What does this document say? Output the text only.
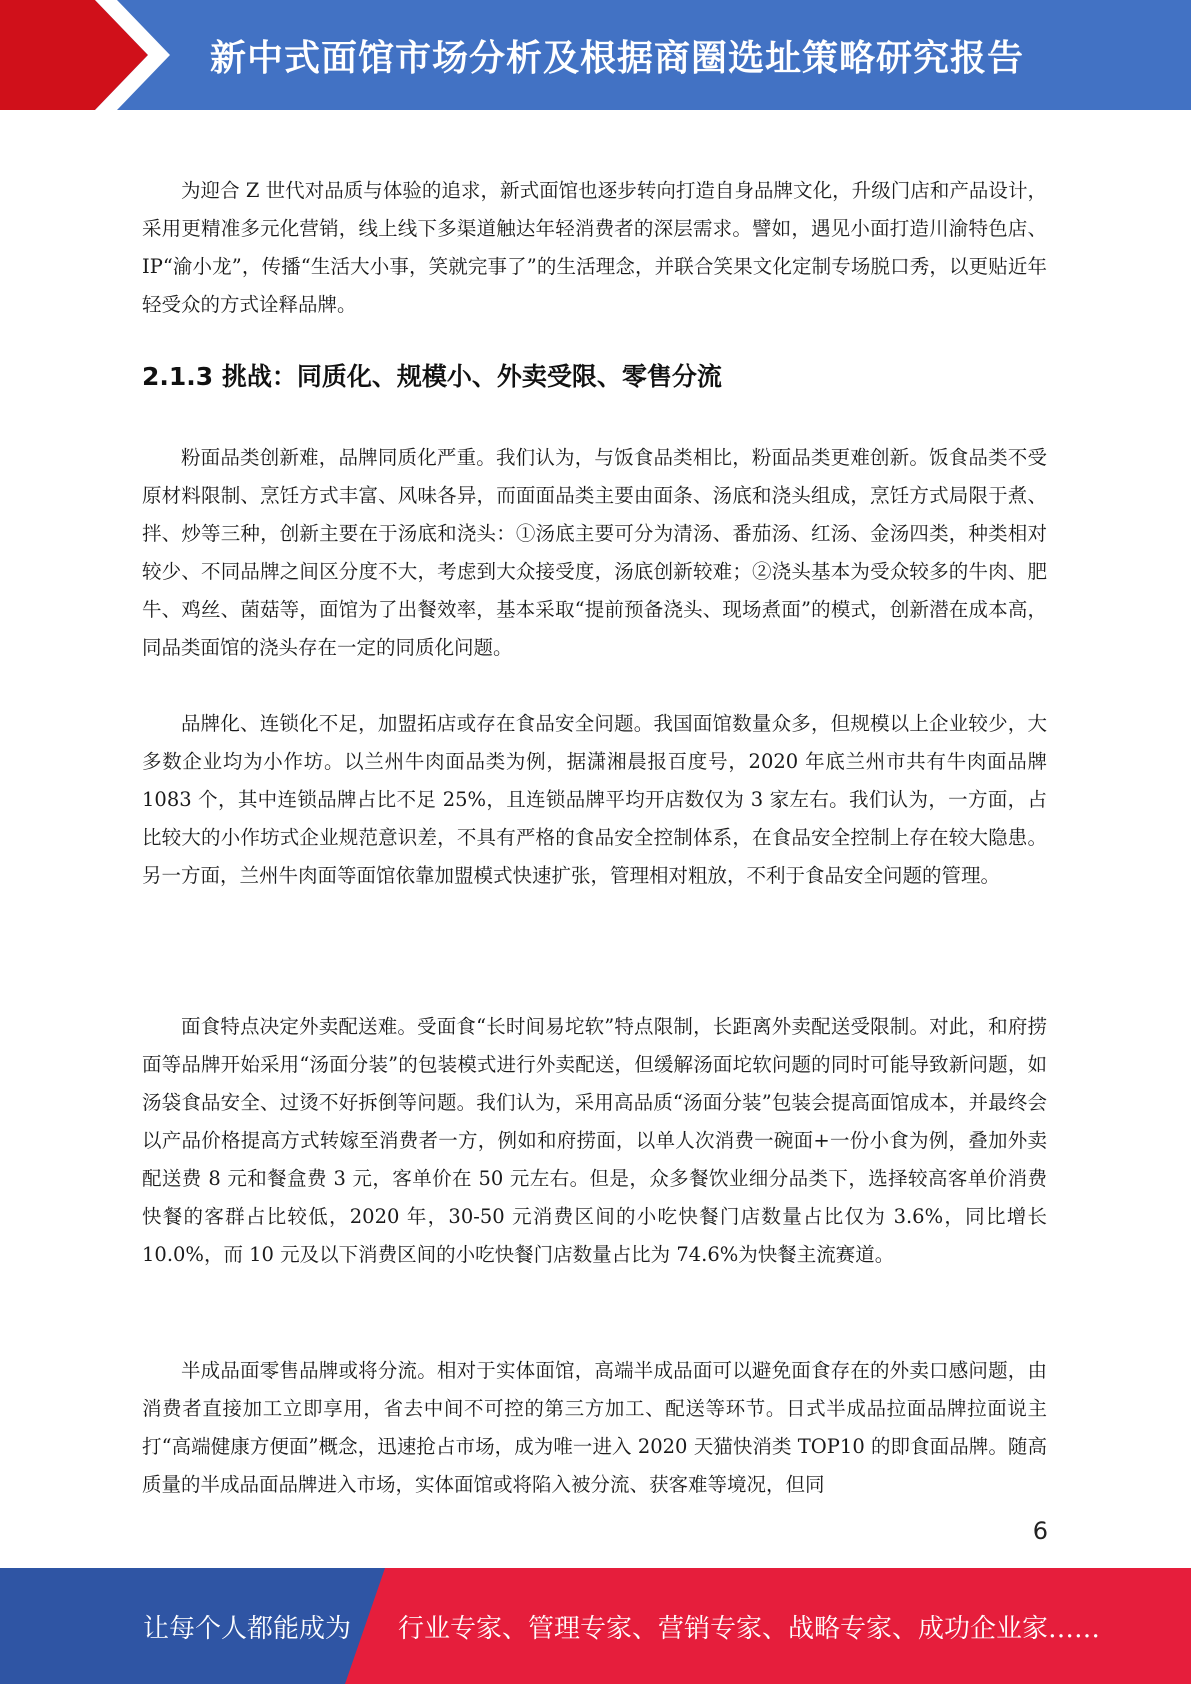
新中式面馆市场分析及根据商圈选址策略研究报告

为迎合 Z 世代对品质与体验的追求，新式面馆也逐步转向打造自身品牌文化，升级门店和产品设计，采用更精准多元化营销，线上线下多渠道触达年轻消费者的深层需求。譬如，遇见小面打造川渝特色店、IP“渝小龙”，传播“生活大小事，笑就完事了”的生活理念，并联合笑果文化定制专场脱口秀，以更贴近年轻受众的方式诠释品牌。

2.1.3 挑战：同质化、规模小、外卖受限、零售分流

粉面品类创新难，品牌同质化严重。我们认为，与饭食品类相比，粉面品类更难创新。饭食品类不受原材料限制、烹饪方式丰富、风味各异，而面面品类主要由面条、汤底和浇头组成，烹饪方式局限于煮、拌、炒等三种，创新主要在于汤底和浇头：①汤底主要可分为清汤、番茄汤、红汤、金汤四类，种类相对较少、不同品牌之间区分度不大，考虑到大众接受度，汤底创新较难；②浇头基本为受众较多的牛肉、肥牛、鸡丝、菌菇等，面馆为了出餐效率，基本采取“提前预备浇头、现场煮面”的模式，创新潜在成本高，同品类面馆的浇头存在一定的同质化问题。

品牌化、连锁化不足，加盟拓店或存在食品安全问题。我国面馆数量众多，但规模以上企业较少，大多数企业均为小作坊。以兰州牛肉面品类为例，据潇湘晨报百度号，2020 年底兰州市共有牛肉面品牌 1083 个，其中连锁品牌占比不足 25%，且连锁品牌平均开店数仅为 3 家左右。我们认为，一方面，占比较大的小作坊式企业规范意识差，不具有严格的食品安全控制体系，在食品安全控制上存在较大隐患。另一方面，兰州牛肉面等面馆依靠加盟模式快速扩张，管理相对粗放，不利于食品安全问题的管理。

面食特点决定外卖配送难。受面食“长时间易坨软”特点限制，长距离外卖配送受限制。对此，和府捞面等品牌开始采用“汤面分装”的包装模式进行外卖配送，但缓解汤面坨软问题的同时可能导致新问题，如汤袋食品安全、过烫不好拆倒等问题。我们认为，采用高品质“汤面分装”包装会提高面馆成本，并最终会以产品价格提高方式转嫁至消费者一方，例如和府捞面，以单人次消费一碗面+一份小食为例，叠加外卖配送费 8 元和餐盒费 3 元，客单价在 50 元左右。但是，众多餐饮业细分品类下，选择较高客单价消费快餐的客群占比较低，2020 年，30-50 元消费区间的小吃快餐门店数量占比仅为 3.6%，同比增长 10.0%，而 10 元及以下消费区间的小吃快餐门店数量占比为 74.6%为快餐主流赛道。

半成品面零售品牌或将分流。相对于实体面馆，高端半成品面可以避免面食存在的外卖口感问题，由消费者直接加工立即享用，省去中间不可控的第三方加工、配送等环节。日式半成品拉面品牌拉面说主打“高端健康方便面”概念，迅速抢占市场，成为唯一进入 2020 天猫快消类 TOP10 的即食面品牌。随高质量的半成品面品牌进入市场，实体面馆或将陷入被分流、获客难等境况，但同

6
让每个人都能成为 行业专家、管理专家、营销专家、战略专家、成功企业家……
